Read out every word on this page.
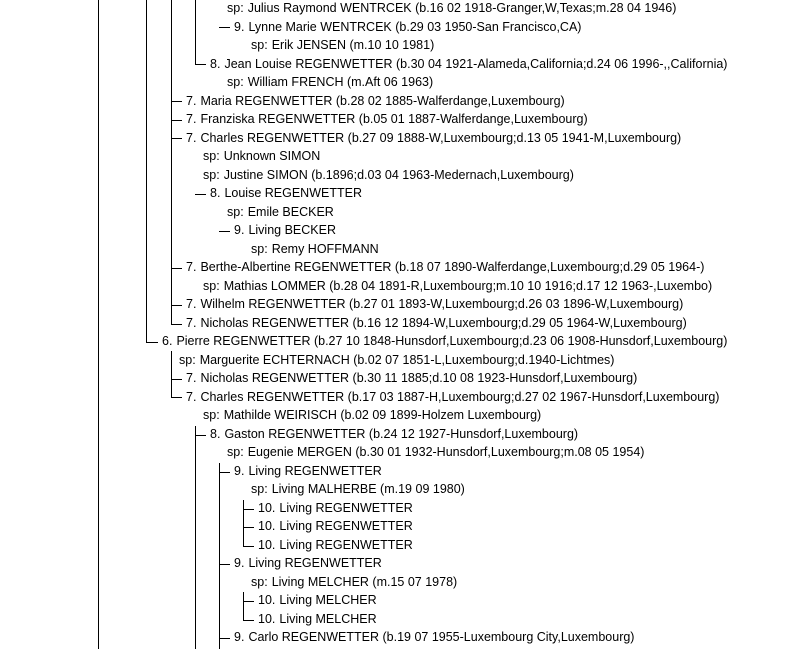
sp: Julius Raymond WENTRCEK (b.16 02 1918-Granger,W,Texas;m.28 04 1946)
9. Lynne Marie WENTRCEK (b.29 03 1950-San Francisco,CA)
sp: Erik JENSEN (m.10 10 1981)
8. Jean Louise REGENWETTER (b.30 04 1921-Alameda,California;d.24 06 1996-,,California)
sp: William FRENCH (m.Aft 06 1963)
7. Maria REGENWETTER (b.28 02 1885-Walferdange,Luxembourg)
7. Franziska REGENWETTER (b.05 01 1887-Walferdange,Luxembourg)
7. Charles REGENWETTER (b.27 09 1888-W,Luxembourg;d.13 05 1941-M,Luxembourg)
sp: Unknown SIMON
sp: Justine SIMON (b.1896;d.03 04 1963-Medernach,Luxembourg)
8. Louise REGENWETTER
sp: Emile BECKER
9. Living BECKER
sp: Remy HOFFMANN
7. Berthe-Albertine REGENWETTER (b.18 07 1890-Walferdange,Luxembourg;d.29 05 1964-)
sp: Mathias LOMMER (b.28 04 1891-R,Luxembourg;m.10 10 1916;d.17 12 1963-,Luxembo)
7. Wilhelm REGENWETTER (b.27 01 1893-W,Luxembourg;d.26 03 1896-W,Luxembourg)
7. Nicholas REGENWETTER (b.16 12 1894-W,Luxembourg;d.29 05 1964-W,Luxembourg)
6. Pierre REGENWETTER (b.27 10 1848-Hunsdorf,Luxembourg;d.23 06 1908-Hunsdorf,Luxembourg)
sp: Marguerite ECHTERNACH (b.02 07 1851-L,Luxembourg;d.1940-Lichtmes)
7. Nicholas REGENWETTER (b.30 11 1885;d.10 08 1923-Hunsdorf,Luxembourg)
7. Charles REGENWETTER (b.17 03 1887-H,Luxembourg;d.27 02 1967-Hunsdorf,Luxembourg)
sp: Mathilde WEIRISCH (b.02 09 1899-Holzem Luxembourg)
8. Gaston REGENWETTER (b.24 12 1927-Hunsdorf,Luxembourg)
sp: Eugenie MERGEN (b.30 01 1932-Hunsdorf,Luxembourg;m.08 05 1954)
9. Living REGENWETTER
sp: Living MALHERBE (m.19 09 1980)
10. Living REGENWETTER
10. Living REGENWETTER
10. Living REGENWETTER
9. Living REGENWETTER
sp: Living MELCHER (m.15 07 1978)
10. Living MELCHER
10. Living MELCHER
9. Carlo REGENWETTER (b.19 07 1955-Luxembourg City,Luxembourg)
